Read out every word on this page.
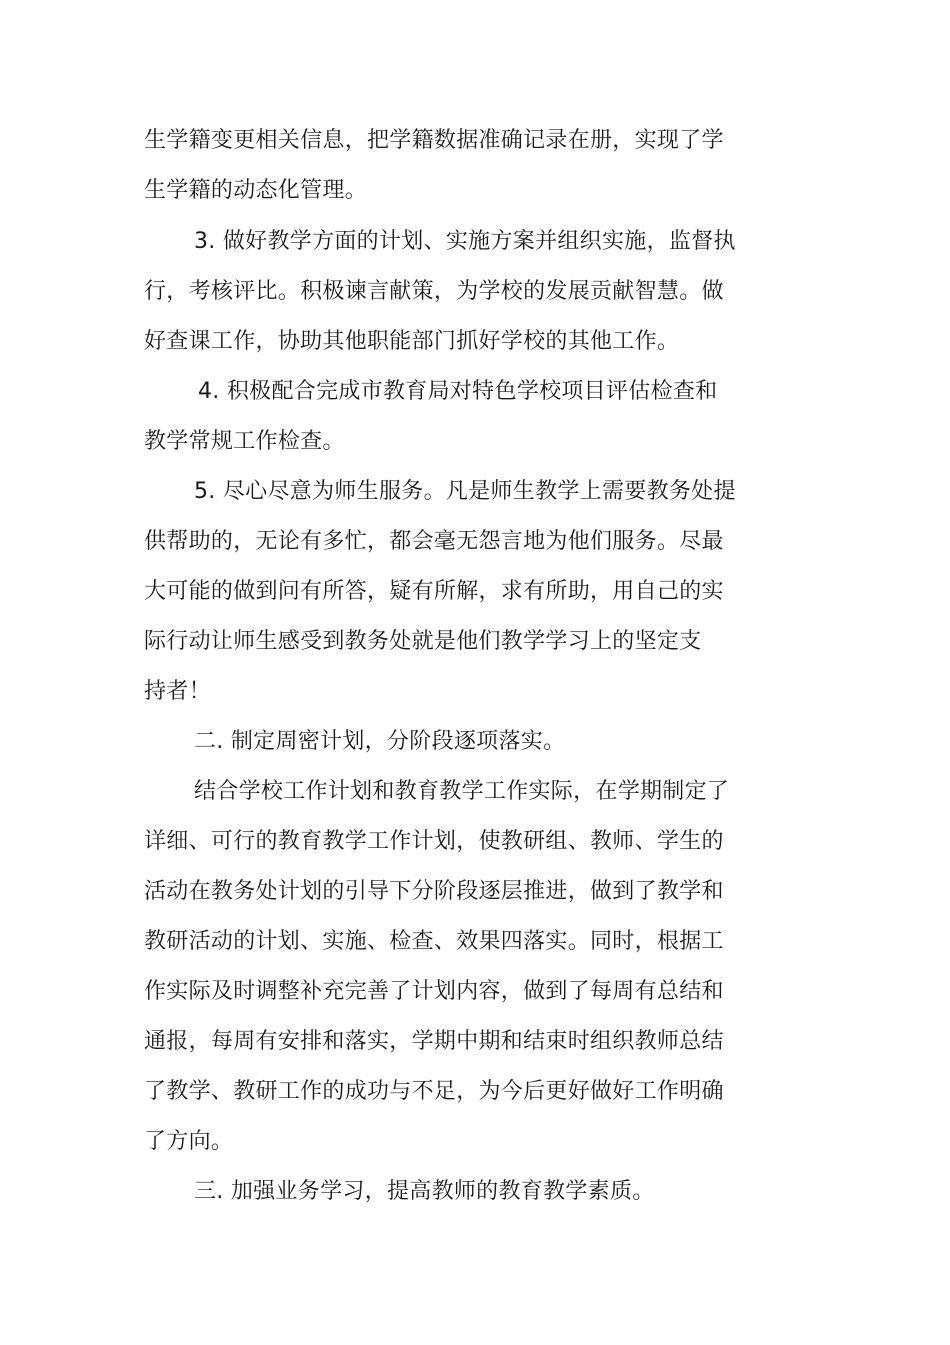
生学籍变更相关信息，把学籍数据准确记录在册，实现了学
生学籍的动态化管理。
3. 做好教学方面的计划、实施方案并组织实施，监督执
行，考核评比。积极谏言献策，为学校的发展贡献智慧。做
好查课工作，协助其他职能部门抓好学校的其他工作。
4. 积极配合完成市教育局对特色学校项目评估检查和
教学常规工作检查。
5. 尽心尽意为师生服务。凡是师生教学上需要教务处提
供帮助的，无论有多忙，都会毫无怨言地为他们服务。尽最
大可能的做到问有所答，疑有所解，求有所助，用自己的实
际行动让师生感受到教务处就是他们教学学习上的坚定支
持者！
二. 制定周密计划，分阶段逐项落实。
结合学校工作计划和教育教学工作实际，在学期制定了
详细、可行的教育教学工作计划，使教研组、教师、学生的
活动在教务处计划的引导下分阶段逐层推进，做到了教学和
教研活动的计划、实施、检查、效果四落实。同时，根据工
作实际及时调整补充完善了计划内容，做到了每周有总结和
通报，每周有安排和落实，学期中期和结束时组织教师总结
了教学、教研工作的成功与不足，为今后更好做好工作明确
了方向。
三. 加强业务学习，提高教师的教育教学素质。
